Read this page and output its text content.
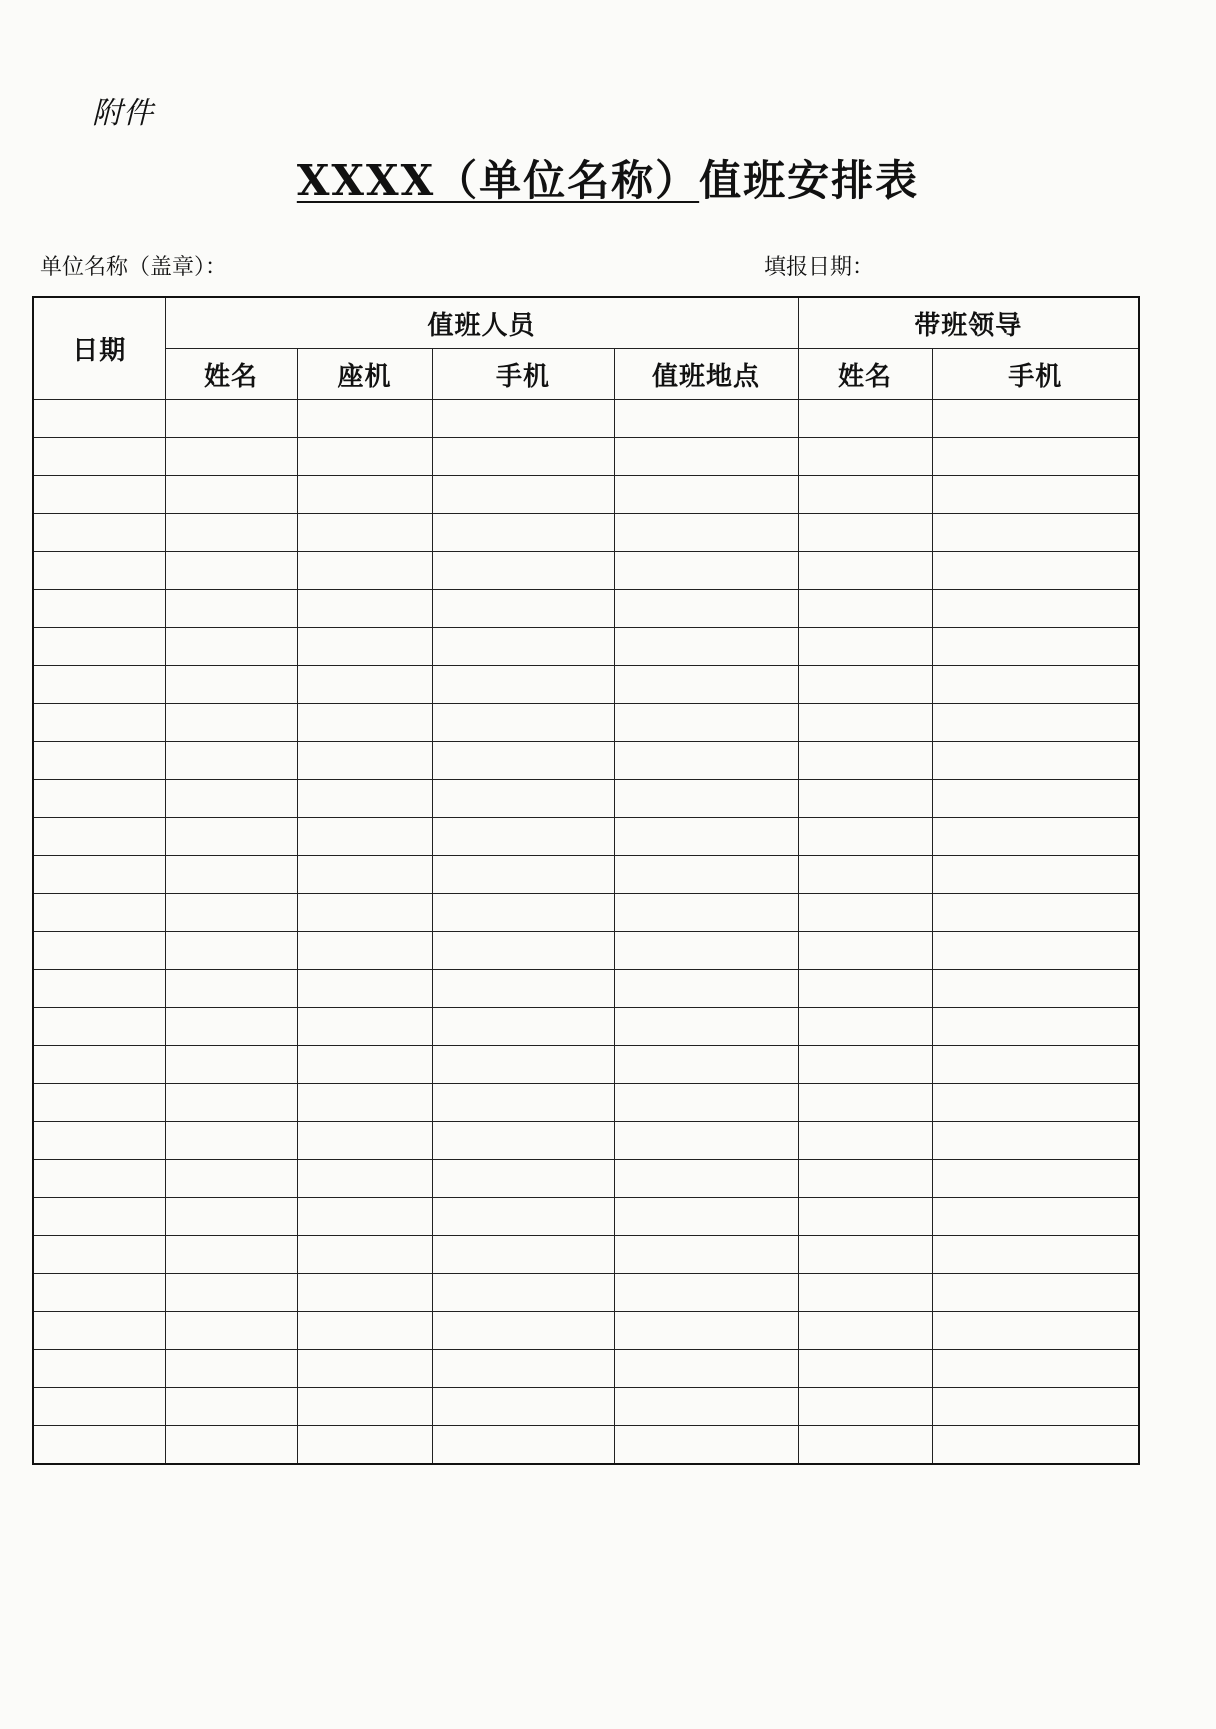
附件
XXXX（单位名称）值班安排表
单位名称（盖章）：	填报日期：
日期	值班人员				带班领导	
	姓名	座机	手机	值班地点	姓名	手机
